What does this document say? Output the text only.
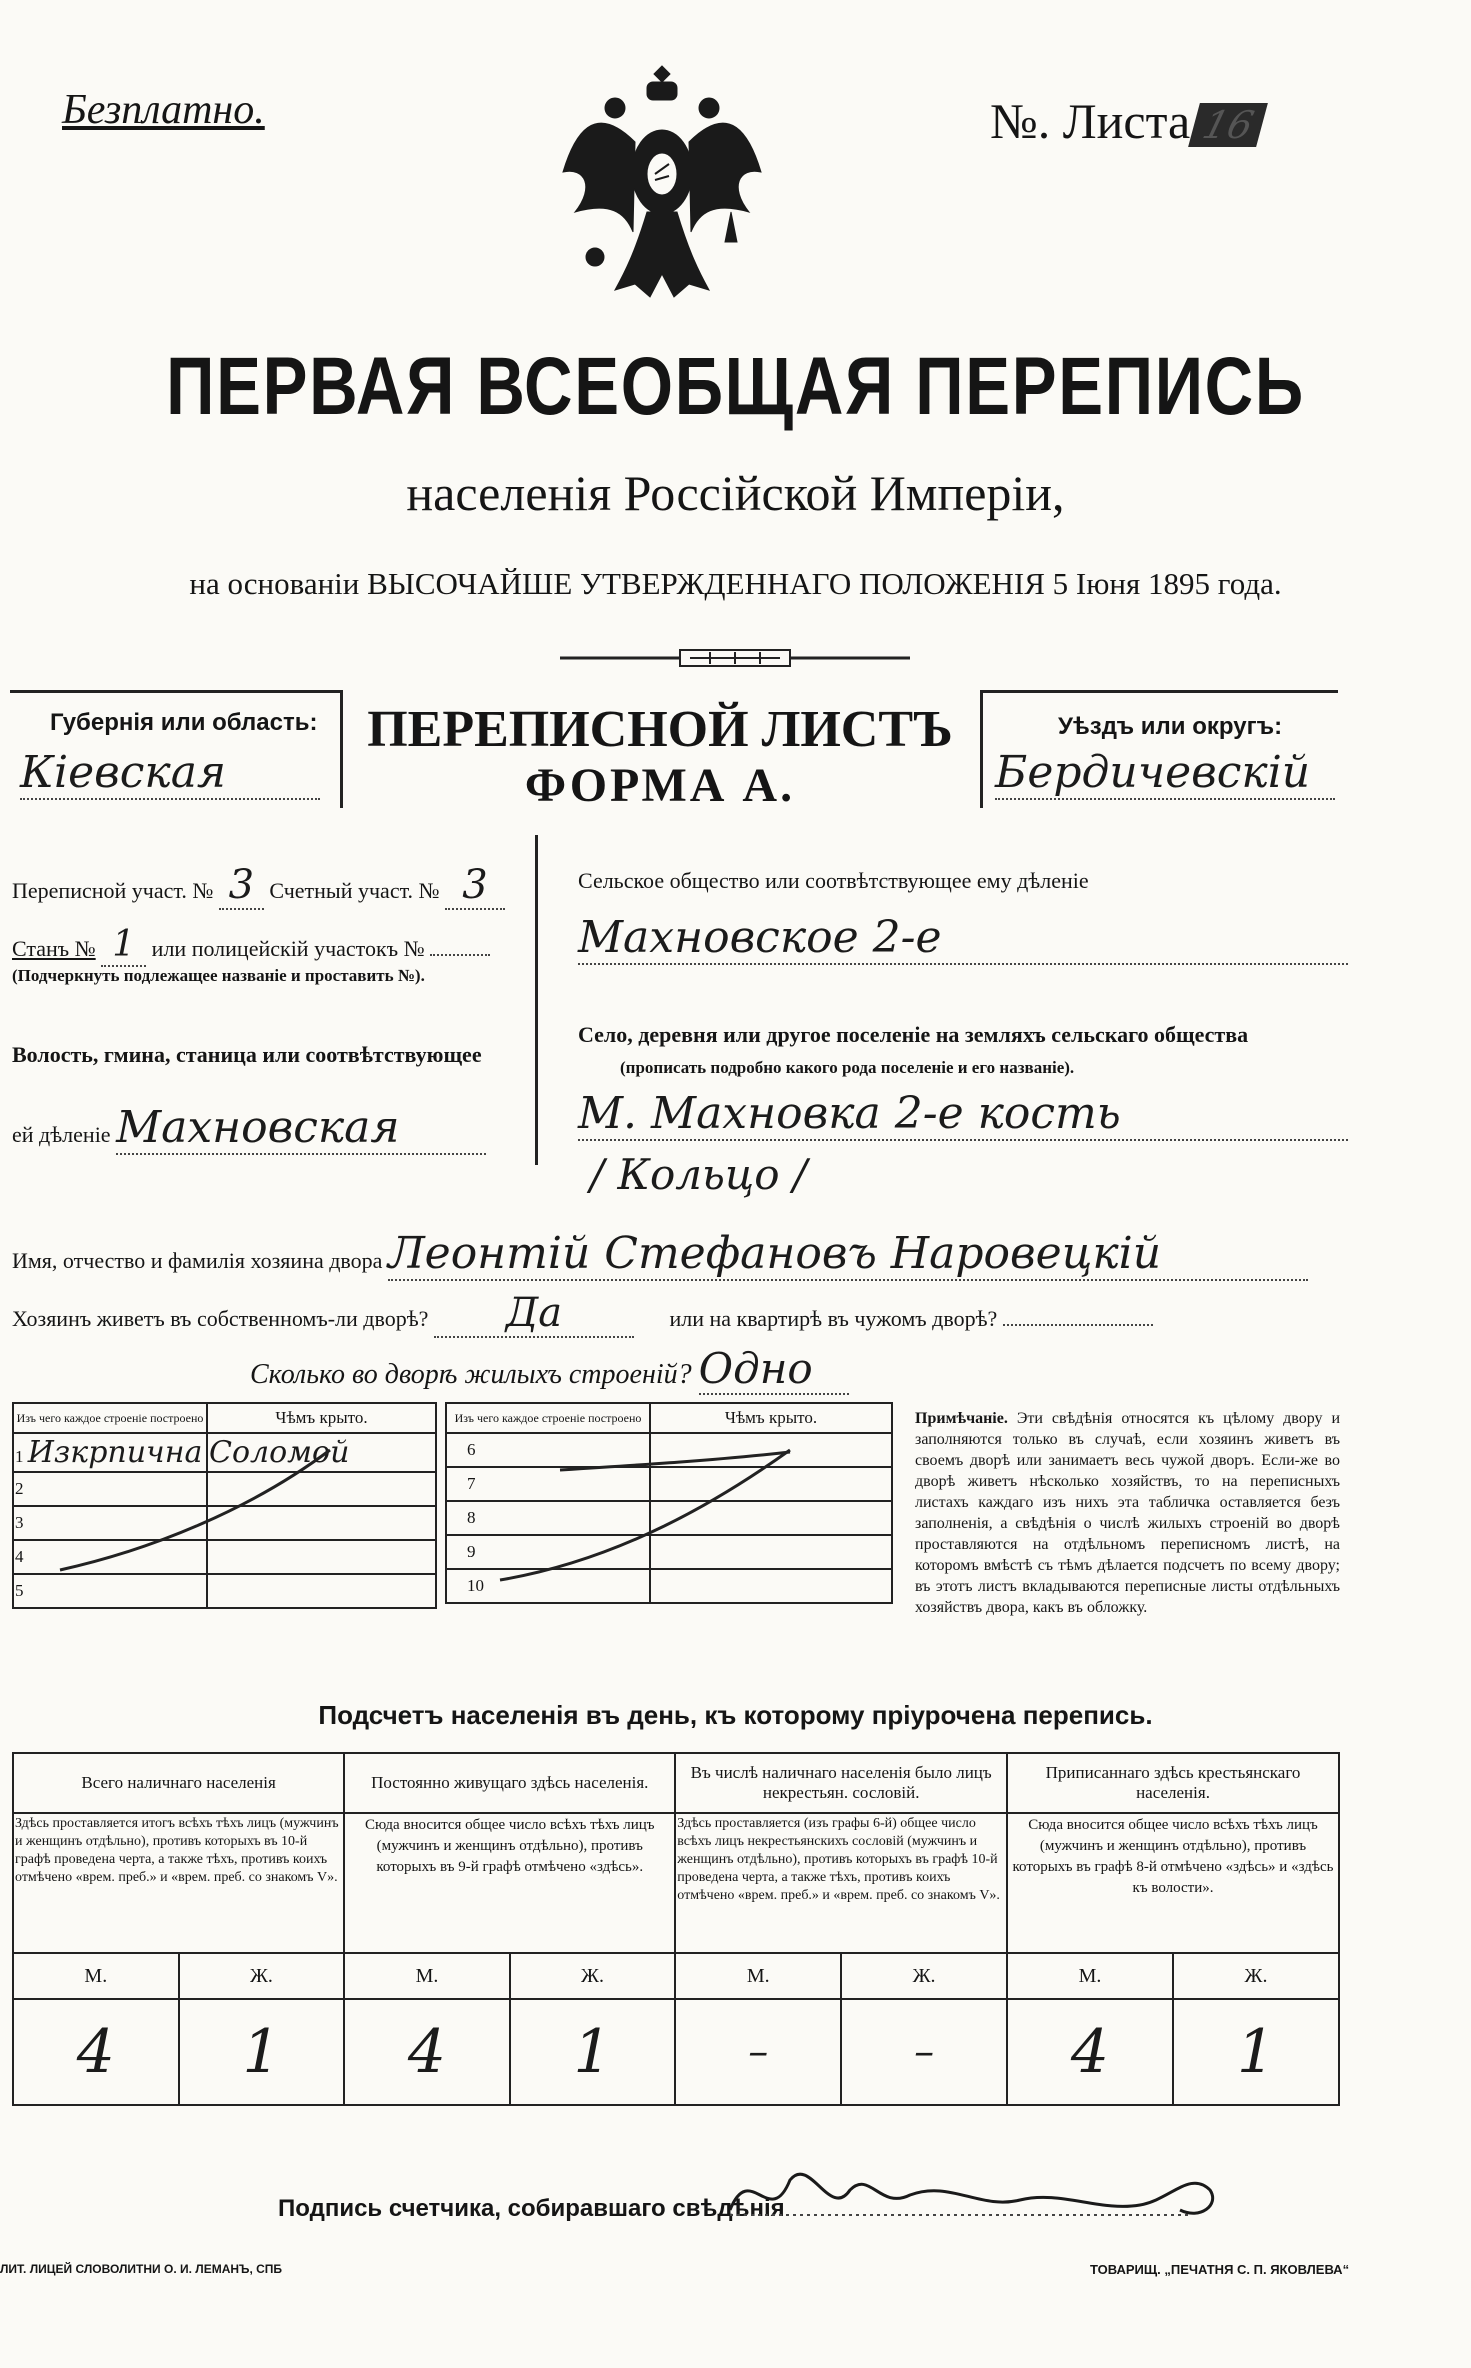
Безплатно.	№. Листа 16
ПЕРВАЯ ВСЕОБЩАЯ ПЕРЕПИСЬ
населенія Россійской Имперіи,
на основаніи ВЫСОЧАЙШЕ УТВЕРЖДЕННАГО ПОЛОЖЕНІЯ 5 Іюня 1895 года.
Губернія или область:
Кіевская
ПЕРЕПИСНОЙ ЛИСТЪ
ФОРМА А.
Уѣздъ или округъ:
Бердичевскій
Переписной участ. № 3 Счетный участ. № 3
Станъ № 1 или полицейскій участокъ №
(Подчеркнуть подлежащее названіе и проставить №).
Волость, гмина, станица или соотвѣтствующее
ей дѣленіе Махновская
Сельское общество или соотвѣтствующее ему дѣленіе
Махновское 2-е
Село, деревня или другое поселеніе на земляхъ сельскаго общества
(прописать подробно какого рода поселеніе и его названіе).
М. Махновка 2-е кость
/ Кольцо /
Имя, отчество и фамилія хозяина двора Леонтій Стефановъ Наровецкій
Хозяинъ живетъ въ собственномъ-ли дворѣ? Да	или на квартирѣ въ чужомъ дворѣ?
Сколько во дворѣ жилыхъ строеній? Одно
Изъ чего каждое строеніе построено	Чѣмъ крыто.
1 Изкрпична	Соломой
2	
3	
4	
5	
Изъ чего каждое строеніе построено	Чѣмъ крыто.
6	
7	
8	
9	
10	
Примѣчаніе. Эти свѣдѣнія относятся къ цѣлому двору и заполняются только въ случаѣ, если хозяинъ живетъ въ своемъ дворѣ или занимаетъ весь чужой дворъ. Если-же во дворѣ живетъ нѣсколько хозяйствъ, то на переписныхъ листахъ каждаго изъ нихъ эта табличка оставляется безъ заполненія, а свѣдѣнія о числѣ жилыхъ строеній во дворѣ проставляются на отдѣльномъ переписномъ листѣ, на которомъ вмѣстѣ съ тѣмъ дѣлается подсчетъ по всему двору; въ этотъ листъ вкладываются переписные листы отдѣльныхъ хозяйствъ двора, какъ въ обложку.
Подсчетъ населенія въ день, къ которому пріурочена перепись.
Всего наличнаго населенія		Постоянно живущаго здѣсь населенія.		Въ числѣ наличнаго населенія было лицъ некрестьян. сословій.		Приписаннаго здѣсь крестьянскаго населенія.	
Здѣсь проставляется итогъ всѣхъ тѣхъ лицъ (мужчинъ и женщинъ отдѣльно), противъ которыхъ въ 10-й графѣ проведена черта, а также тѣхъ, противъ коихъ отмѣчено «врем. преб.» и «врем. преб. со знакомъ V».		Сюда вносится общее число всѣхъ тѣхъ лицъ (мужчинъ и женщинъ отдѣльно), противъ которыхъ въ 9-й графѣ отмѣчено «здѣсь».		Здѣсь проставляется (изъ графы 6-й) общее число всѣхъ лицъ некрестьянскихъ сословій (мужчинъ и женщинъ отдѣльно), противъ которыхъ въ графѣ 10-й проведена черта, а также тѣхъ, противъ коихъ отмѣчено «врем. преб.» и «врем. преб. со знакомъ V».		Сюда вносится общее число всѣхъ тѣхъ лицъ (мужчинъ и женщинъ отдѣльно), противъ которыхъ въ графѣ 8-й отмѣчено «здѣсь» и «здѣсь къ волости».	
М.	Ж.	М.	Ж.	М.	Ж.	М.	Ж.
4	1	4	1	–	–	4	1
Подпись счетчика, собиравшаго свѣдѣнія
ЛИТ. ЛИЦЕЙ СЛОВОЛИТНИ О. И. ЛЕМАНЪ, СПБ	ТОВАРИЩ. „ПЕЧАТНЯ С. П. ЯКОВЛЕВА“
